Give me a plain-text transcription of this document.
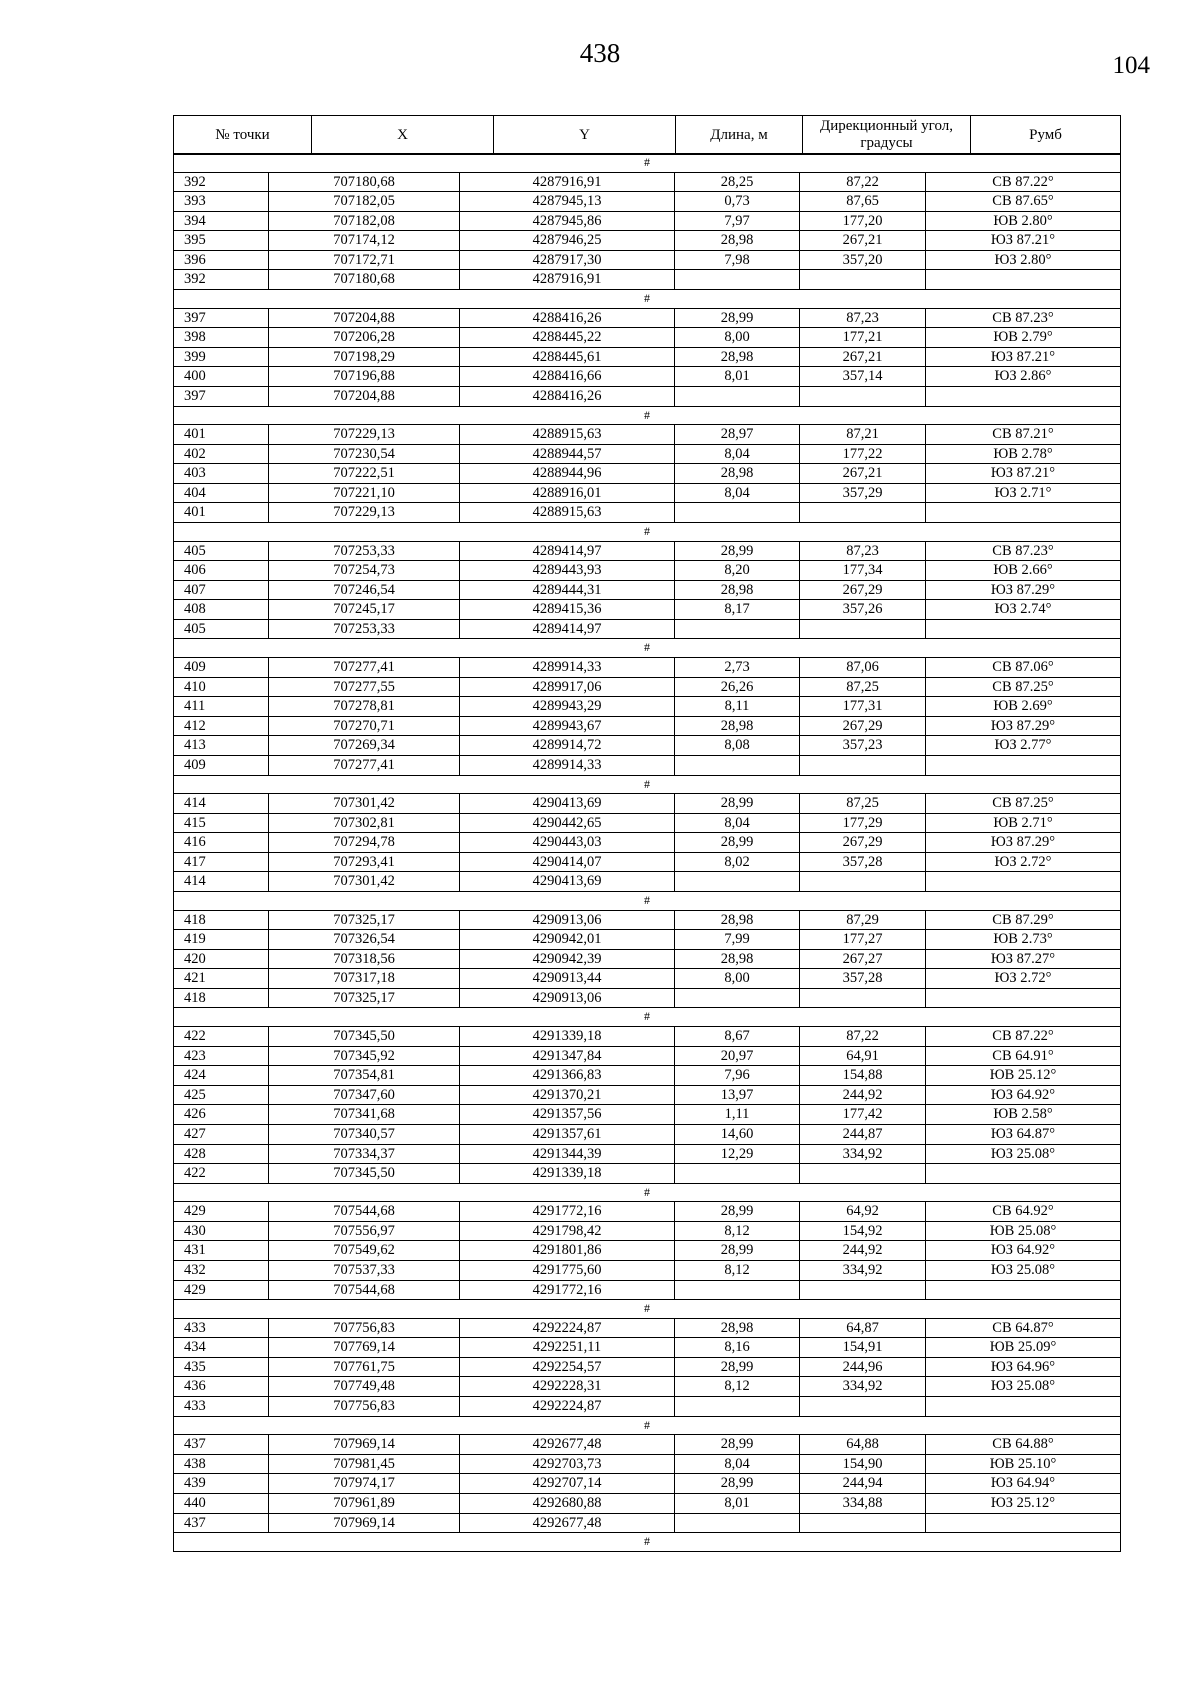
438	104
№ точки	X	Y	Длина, м	Дирекционный угол, градусы	Румб
#					
392	707180,68	4287916,91	28,25	87,22	СВ 87.22°
393	707182,05	4287945,13	0,73	87,65	СВ 87.65°
394	707182,08	4287945,86	7,97	177,20	ЮВ 2.80°
395	707174,12	4287946,25	28,98	267,21	ЮЗ 87.21°
396	707172,71	4287917,30	7,98	357,20	ЮЗ 2.80°
392	707180,68	4287916,91			
#					
397	707204,88	4288416,26	28,99	87,23	СВ 87.23°
398	707206,28	4288445,22	8,00	177,21	ЮВ 2.79°
399	707198,29	4288445,61	28,98	267,21	ЮЗ 87.21°
400	707196,88	4288416,66	8,01	357,14	ЮЗ 2.86°
397	707204,88	4288416,26			
#					
401	707229,13	4288915,63	28,97	87,21	СВ 87.21°
402	707230,54	4288944,57	8,04	177,22	ЮВ 2.78°
403	707222,51	4288944,96	28,98	267,21	ЮЗ 87.21°
404	707221,10	4288916,01	8,04	357,29	ЮЗ 2.71°
401	707229,13	4288915,63			
#					
405	707253,33	4289414,97	28,99	87,23	СВ 87.23°
406	707254,73	4289443,93	8,20	177,34	ЮВ 2.66°
407	707246,54	4289444,31	28,98	267,29	ЮЗ 87.29°
408	707245,17	4289415,36	8,17	357,26	ЮЗ 2.74°
405	707253,33	4289414,97			
#					
409	707277,41	4289914,33	2,73	87,06	СВ 87.06°
410	707277,55	4289917,06	26,26	87,25	СВ 87.25°
411	707278,81	4289943,29	8,11	177,31	ЮВ 2.69°
412	707270,71	4289943,67	28,98	267,29	ЮЗ 87.29°
413	707269,34	4289914,72	8,08	357,23	ЮЗ 2.77°
409	707277,41	4289914,33			
#					
414	707301,42	4290413,69	28,99	87,25	СВ 87.25°
415	707302,81	4290442,65	8,04	177,29	ЮВ 2.71°
416	707294,78	4290443,03	28,99	267,29	ЮЗ 87.29°
417	707293,41	4290414,07	8,02	357,28	ЮЗ 2.72°
414	707301,42	4290413,69			
#					
418	707325,17	4290913,06	28,98	87,29	СВ 87.29°
419	707326,54	4290942,01	7,99	177,27	ЮВ 2.73°
420	707318,56	4290942,39	28,98	267,27	ЮЗ 87.27°
421	707317,18	4290913,44	8,00	357,28	ЮЗ 2.72°
418	707325,17	4290913,06			
#					
422	707345,50	4291339,18	8,67	87,22	СВ 87.22°
423	707345,92	4291347,84	20,97	64,91	СВ 64.91°
424	707354,81	4291366,83	7,96	154,88	ЮВ 25.12°
425	707347,60	4291370,21	13,97	244,92	ЮЗ 64.92°
426	707341,68	4291357,56	1,11	177,42	ЮВ 2.58°
427	707340,57	4291357,61	14,60	244,87	ЮЗ 64.87°
428	707334,37	4291344,39	12,29	334,92	ЮЗ 25.08°
422	707345,50	4291339,18			
#					
429	707544,68	4291772,16	28,99	64,92	СВ 64.92°
430	707556,97	4291798,42	8,12	154,92	ЮВ 25.08°
431	707549,62	4291801,86	28,99	244,92	ЮЗ 64.92°
432	707537,33	4291775,60	8,12	334,92	ЮЗ 25.08°
429	707544,68	4291772,16			
#					
433	707756,83	4292224,87	28,98	64,87	СВ 64.87°
434	707769,14	4292251,11	8,16	154,91	ЮВ 25.09°
435	707761,75	4292254,57	28,99	244,96	ЮЗ 64.96°
436	707749,48	4292228,31	8,12	334,92	ЮЗ 25.08°
433	707756,83	4292224,87			
#					
437	707969,14	4292677,48	28,99	64,88	СВ 64.88°
438	707981,45	4292703,73	8,04	154,90	ЮВ 25.10°
439	707974,17	4292707,14	28,99	244,94	ЮЗ 64.94°
440	707961,89	4292680,88	8,01	334,88	ЮЗ 25.12°
437	707969,14	4292677,48			
#					
